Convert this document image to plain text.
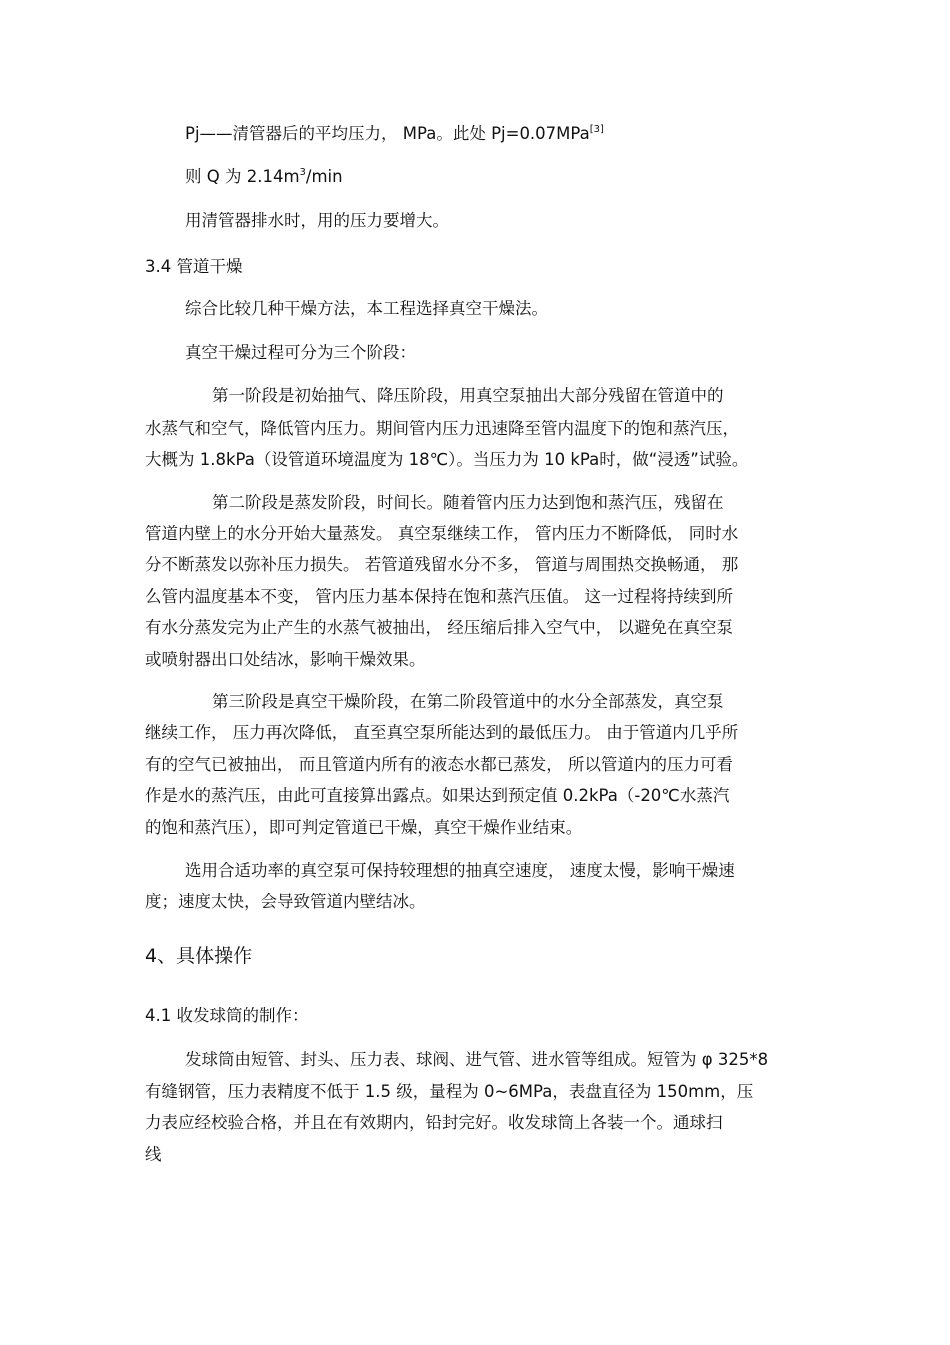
Pj——清管器后的平均压力， MPa。此处 Pj=0.07MPa[3]
则 Q 为 $2.14m^3/\min$
用清管器排水时，用的压力要增大。
3.4 管道干燥
综合比较几种干燥方法，本工程选择真空干燥法。
真空干燥过程可分为三个阶段：
第一阶段是初始抽气、降压阶段，用真空泵抽出大部分残留在管道中的
水蒸气和空气，降低管内压力。期间管内压力迅速降至管内温度下的饱和蒸汽压，
大概为 1.8kPa（设管道环境温度为 18℃）。当压力为 10 kPa时，做“浸透”试验。
第二阶段是蒸发阶段，时间长。随着管内压力达到饱和蒸汽压，残留在
管道内壁上的水分开始大量蒸发。 真空泵继续工作， 管内压力不断降低， 同时水
分不断蒸发以弥补压力损失。 若管道残留水分不多， 管道与周围热交换畅通， 那
么管内温度基本不变， 管内压力基本保持在饱和蒸汽压值。 这一过程将持续到所
有水分蒸发完为止产生的水蒸气被抽出， 经压缩后排入空气中， 以避免在真空泵
或喷射器出口处结冰，影响干燥效果。
第三阶段是真空干燥阶段，在第二阶段管道中的水分全部蒸发，真空泵
继续工作， 压力再次降低， 直至真空泵所能达到的最低压力。 由于管道内几乎所
有的空气已被抽出， 而且管道内所有的液态水都已蒸发， 所以管道内的压力可看
作是水的蒸汽压，由此可直接算出露点。如果达到预定值 0.2kPa（-20℃水蒸汽
的饱和蒸汽压），即可判定管道已干燥，真空干燥作业结束。
选用合适功率的真空泵可保持较理想的抽真空速度， 速度太慢，影响干燥速
度；速度太快，会导致管道内壁结冰。
4、具体操作
4.1 收发球筒的制作：
发球筒由短管、封头、压力表、球阀、进气管、进水管等组成。短管为 φ 325*8
有缝钢管，压力表精度不低于 1.5 级，量程为 0~6MPa，表盘直径为 150mm，压
力表应经校验合格，并且在有效期内，铅封完好。收发球筒上各装一个。通球扫
线
